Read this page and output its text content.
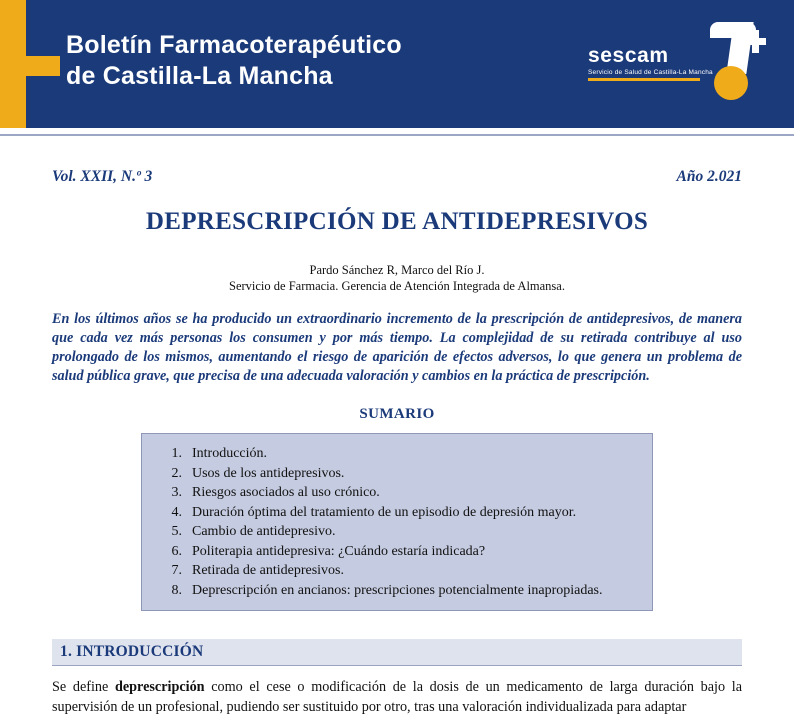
Boletín Farmacoterapéutico
de Castilla-La Mancha
sescam
Servicio de Salud de Castilla-La Mancha
Vol. XXII, N.º 3	Año 2.021
DEPRESCRIPCIÓN DE ANTIDEPRESIVOS
Pardo Sánchez R, Marco del Río J.
Servicio de Farmacia. Gerencia de Atención Integrada de Almansa.
En los últimos años se ha producido un extraordinario incremento de la prescripción de antidepresivos, de manera que cada vez más personas los consumen y por más tiempo. La complejidad de su retirada contribuye al uso prolongado de los mismos, aumentando el riesgo de aparición de efectos adversos, lo que genera un problema de salud pública grave, que precisa de una adecuada valoración y cambios en la práctica de prescripción.
SUMARIO
1. Introducción.
2. Usos de los antidepresivos.
3. Riesgos asociados al uso crónico.
4. Duración óptima del tratamiento de un episodio de depresión mayor.
5. Cambio de antidepresivo.
6. Politerapia antidepresiva: ¿Cuándo estaría indicada?
7. Retirada de antidepresivos.
8. Deprescripción en ancianos: prescripciones potencialmente inapropiadas.
1. INTRODUCCIÓN
Se define deprescripción como el cese o modificación de la dosis de un medicamento de larga duración bajo la supervisión de un profesional, pudiendo ser sustituido por otro, tras una valoración individualizada para adaptar
